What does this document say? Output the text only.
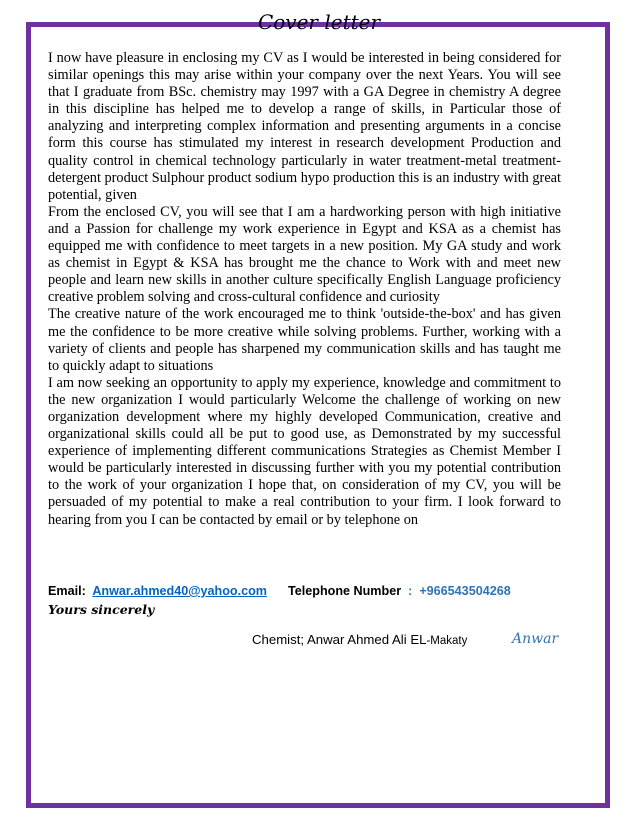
Cover letter

I now have pleasure in enclosing my CV as I would be interested in being considered for similar openings this may arise within your company over the next Years. You will see that I graduate from BSc. chemistry may 1997 with a GA Degree in chemistry A degree in this discipline has helped me to develop a range of skills, in Particular those of analyzing and interpreting complex information and presenting arguments in a concise form this course has stimulated my interest in research development Production and quality control in chemical technology particularly in water treatment-metal treatment-detergent product Sulphour product sodium hypo production this is an industry with great potential, given

From the enclosed CV, you will see that I am a hardworking person with high initiative and a Passion for challenge my work experience in Egypt and KSA as a chemist has equipped me with confidence to meet targets in a new position. My GA study and work as chemist in Egypt & KSA has brought me the chance to Work with and meet new people and learn new skills in another culture specifically English Language proficiency creative problem solving and cross-cultural confidence and curiosity

The creative nature of the work encouraged me to think 'outside-the-box' and has given me the confidence to be more creative while solving problems. Further, working with a variety of clients and people has sharpened my communication skills and has taught me to quickly adapt to situations

I am now seeking an opportunity to apply my experience, knowledge and commitment to the new organization I would particularly Welcome the challenge of working on new organization development where my highly developed Communication, creative and organizational skills could all be put to good use, as Demonstrated by my successful experience of implementing different communications Strategies as Chemist Member I would be particularly interested in discussing further with you my potential contribution to the work of your organization I hope that, on consideration of my CV, you will be persuaded of my potential to make a real contribution to your firm. I look forward to hearing from you I can be contacted by email or by telephone on

Email: Anwar.ahmed40@yahoo.com Telephone Number : +966543504268
Yours sincerely
Chemist; Anwar Ahmed Ali EL-Makaty	Anwar
